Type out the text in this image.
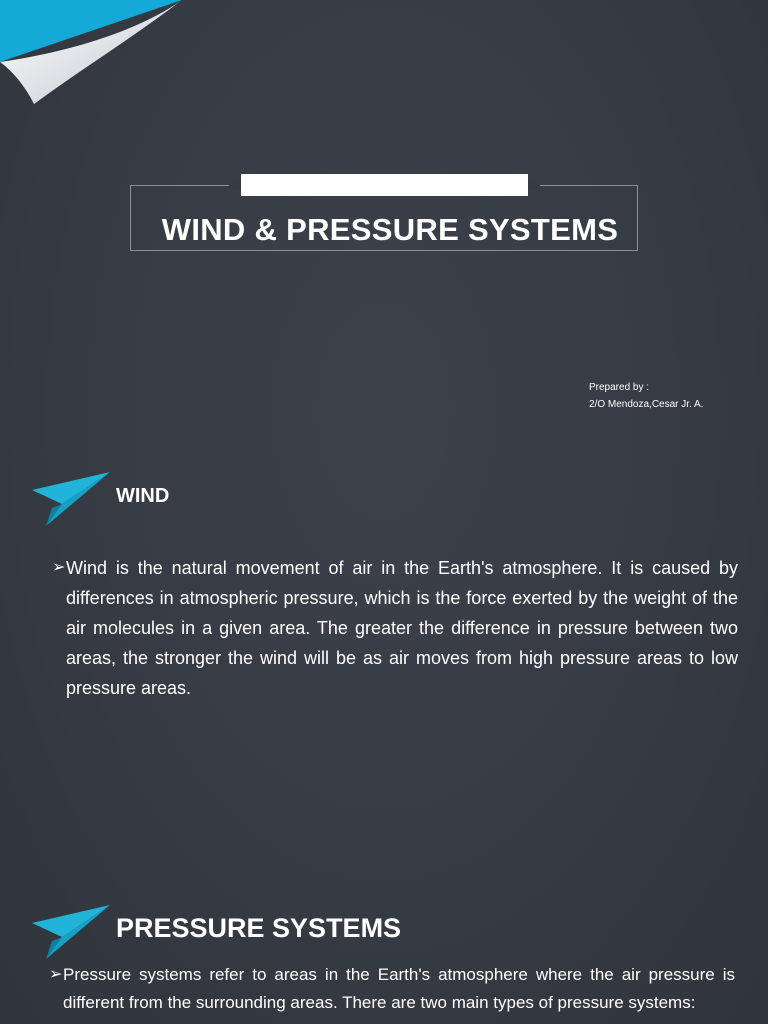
WIND & PRESSURE SYSTEMS
Prepared by :
2/O Mendoza,Cesar Jr. A.
WIND

➢ Wind is the natural movement of air in the Earth's atmosphere. It is caused by differences in atmospheric pressure, which is the force exerted by the weight of the air molecules in a given area. The greater the difference in pressure between two areas, the stronger the wind will be as air moves from high pressure areas to low pressure areas.

PRESSURE SYSTEMS

➢ Pressure systems refer to areas in the Earth's atmosphere where the air pressure is different from the surrounding areas. There are two main types of pressure systems:
